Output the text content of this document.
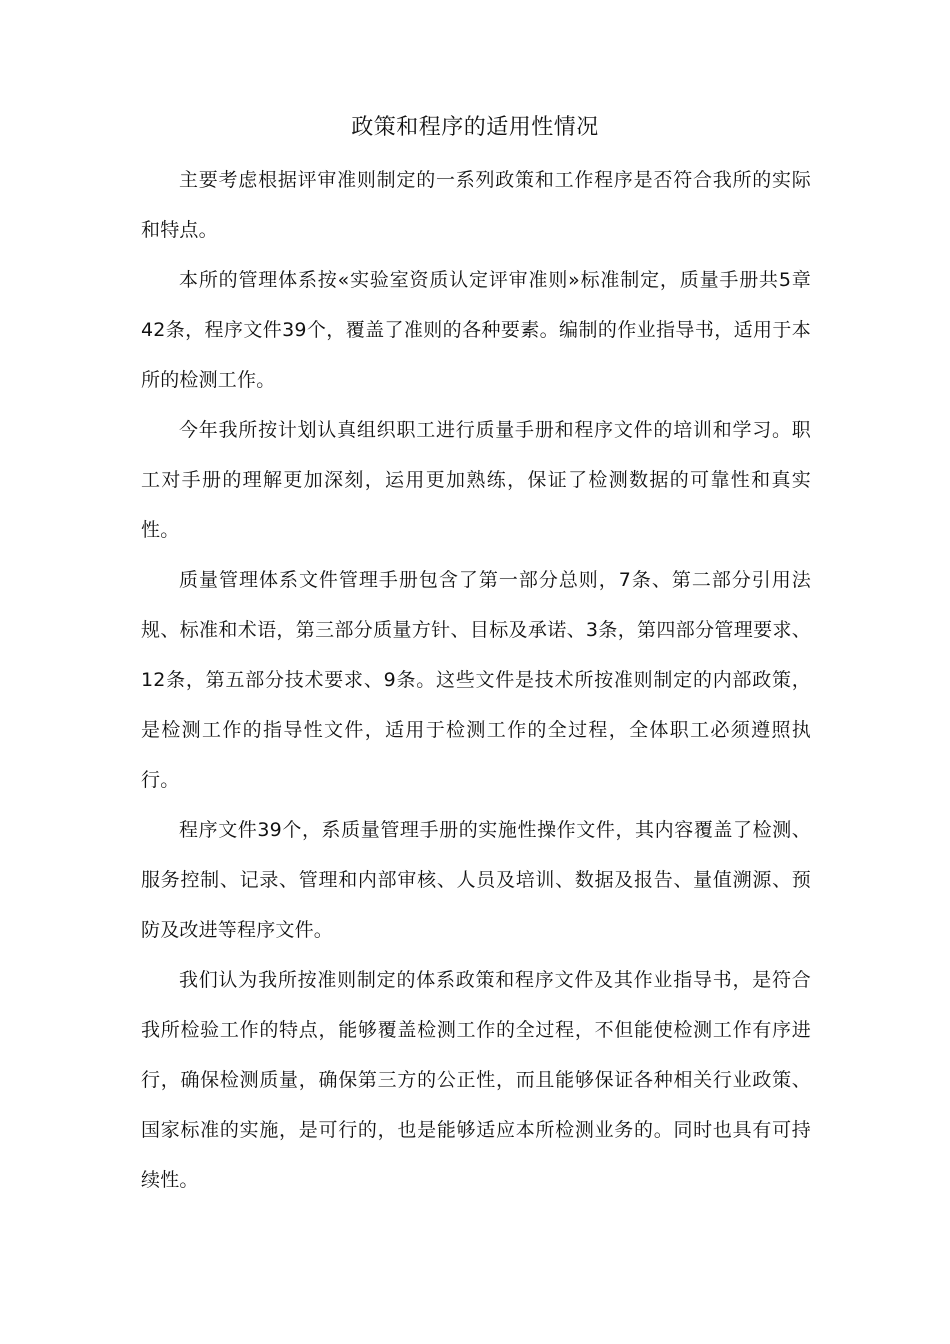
政策和程序的适用性情况

主要考虑根据评审准则制定的一系列政策和工作程序是否符合我所的实际和特点。

本所的管理体系按«实验室资质认定评审准则»标准制定，质量手册共5章42条，程序文件39个，覆盖了准则的各种要素。编制的作业指导书，适用于本所的检测工作。

今年我所按计划认真组织职工进行质量手册和程序文件的培训和学习。职工对手册的理解更加深刻，运用更加熟练，保证了检测数据的可靠性和真实性。

质量管理体系文件管理手册包含了第一部分总则，7条、第二部分引用法规、标准和术语，第三部分质量方针、目标及承诺、3条，第四部分管理要求、12条，第五部分技术要求、9条。这些文件是技术所按准则制定的内部政策，是检测工作的指导性文件，适用于检测工作的全过程，全体职工必须遵照执行。

程序文件39个，系质量管理手册的实施性操作文件，其内容覆盖了检测、服务控制、记录、管理和内部审核、人员及培训、数据及报告、量值溯源、预防及改进等程序文件。

我们认为我所按准则制定的体系政策和程序文件及其作业指导书，是符合我所检验工作的特点，能够覆盖检测工作的全过程，不但能使检测工作有序进行，确保检测质量，确保第三方的公正性，而且能够保证各种相关行业政策、国家标准的实施，是可行的，也是能够适应本所检测业务的。同时也具有可持续性。
